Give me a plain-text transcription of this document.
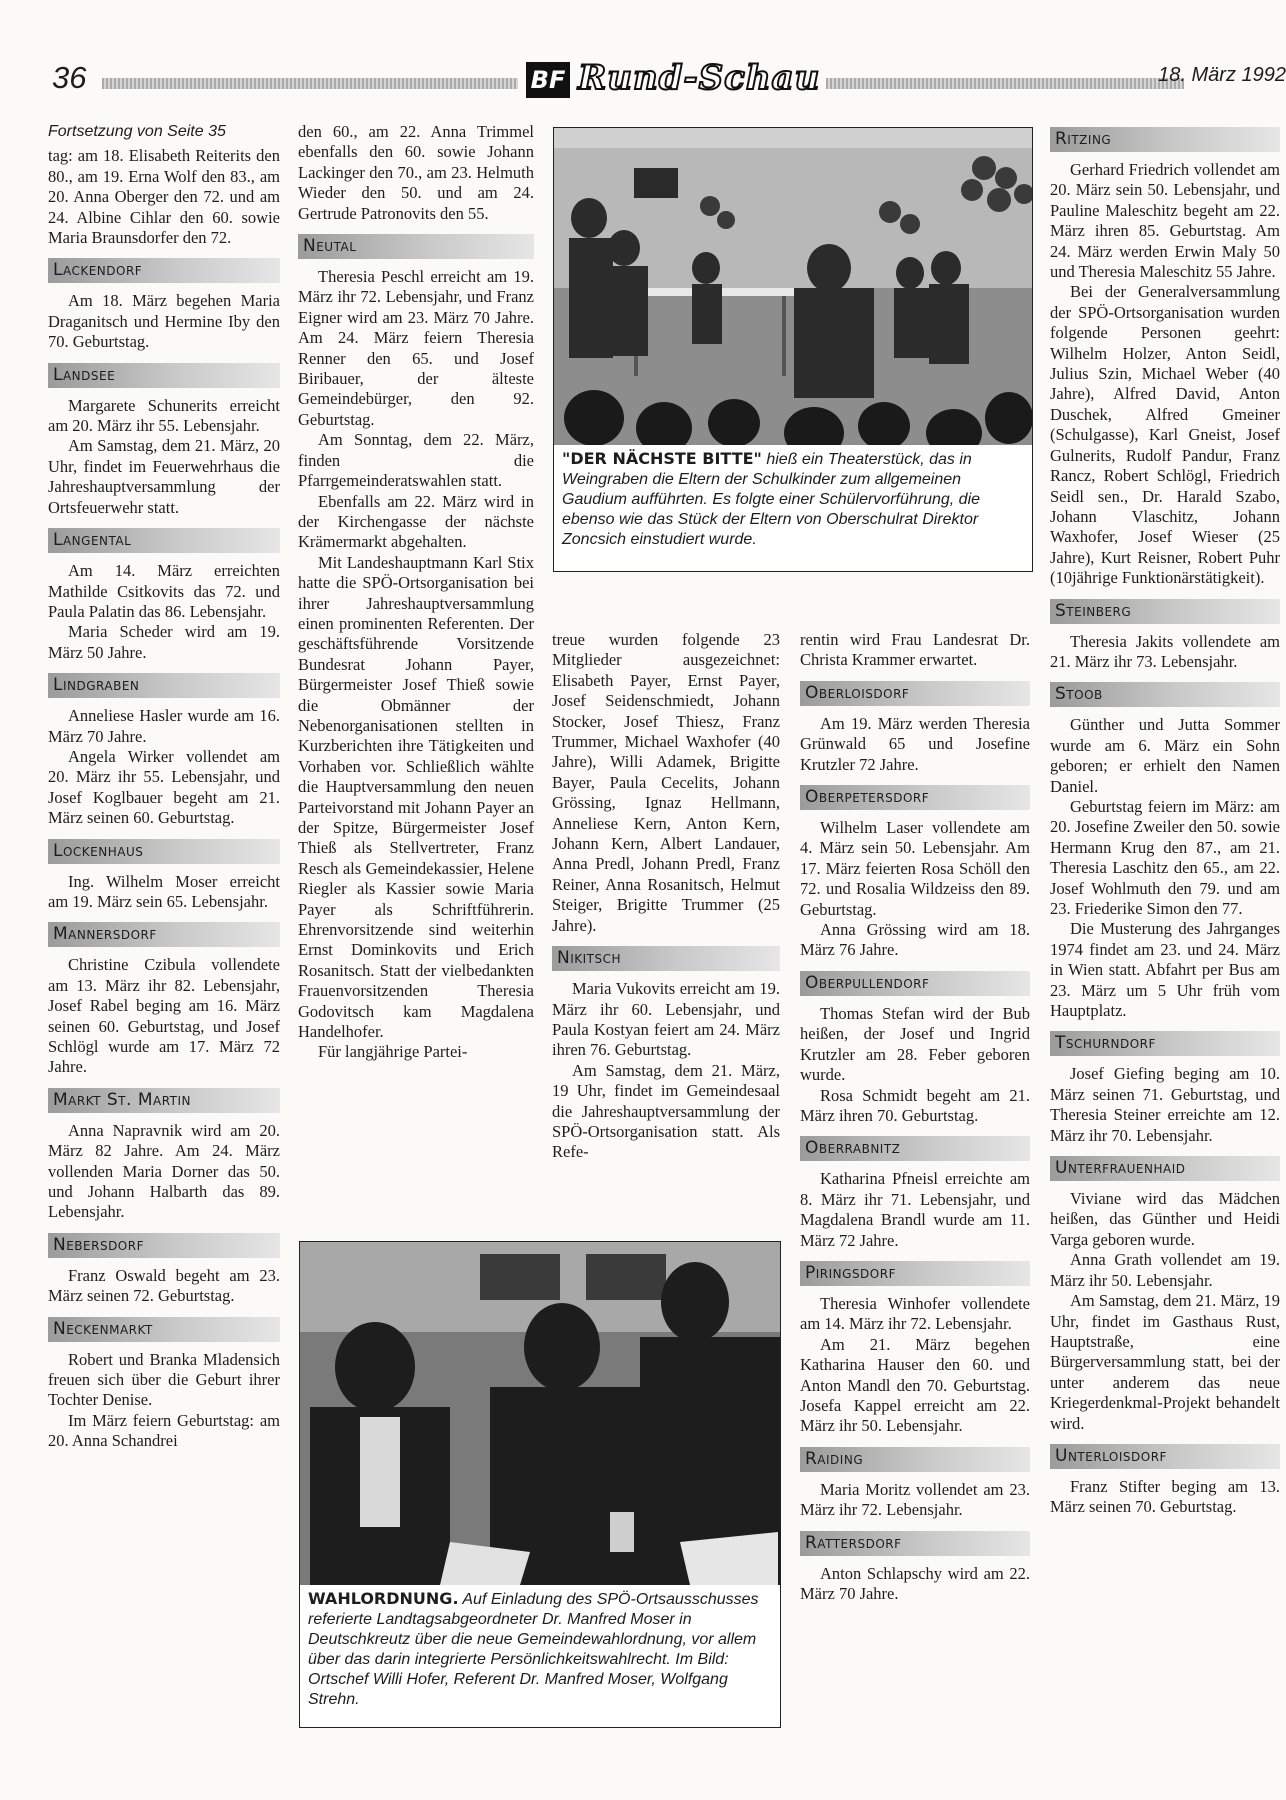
36	BF Rund-Schau	18. März 1992
Fortsetzung von Seite 35

tag: am 18. Elisabeth Reiterits den 80., am 19. Erna Wolf den 83., am 20. Anna Oberger den 72. und am 24. Albine Cihlar den 60. sowie Maria Braunsdorfer den 72.

Lackendorf

Am 18. März begehen Maria Draganitsch und Hermine Iby den 70. Geburtstag.

Landsee

Margarete Schunerits erreicht am 20. März ihr 55. Lebensjahr.

Am Samstag, dem 21. März, 20 Uhr, findet im Feuerwehrhaus die Jahreshauptversammlung der Ortsfeuerwehr statt.

Langental

Am 14. März erreichten Mathilde Csitkovits das 72. und Paula Palatin das 86. Lebensjahr.

Maria Scheder wird am 19. März 50 Jahre.

Lindgraben

Anneliese Hasler wurde am 16. März 70 Jahre.

Angela Wirker vollendet am 20. März ihr 55. Lebensjahr, und Josef Koglbauer begeht am 21. März seinen 60. Geburtstag.

Lockenhaus

Ing. Wilhelm Moser erreicht am 19. März sein 65. Lebensjahr.

Mannersdorf

Christine Czibula vollendete am 13. März ihr 82. Lebensjahr, Josef Rabel beging am 16. März seinen 60. Geburtstag, und Josef Schlögl wurde am 17. März 72 Jahre.

Markt St. Martin

Anna Napravnik wird am 20. März 82 Jahre. Am 24. März vollenden Maria Dorner das 50. und Johann Halbarth das 89. Lebensjahr.

Nebersdorf

Franz Oswald begeht am 23. März seinen 72. Geburtstag.

Neckenmarkt

Robert und Branka Mladensich freuen sich über die Geburt ihrer Tochter Denise.

Im März feiern Geburtstag: am 20. Anna Schandrei

den 60., am 22. Anna Trimmel ebenfalls den 60. sowie Johann Lackinger den 70., am 23. Helmuth Wieder den 50. und am 24. Gertrude Patronovits den 55.

Neutal

Theresia Peschl erreicht am 19. März ihr 72. Lebensjahr, und Franz Eigner wird am 23. März 70 Jahre. Am 24. März feiern Theresia Renner den 65. und Josef Biribauer, der älteste Gemeindebürger, den 92. Geburtstag.

Am Sonntag, dem 22. März, finden die Pfarrgemeinderatswahlen statt.

Ebenfalls am 22. März wird in der Kirchengasse der nächste Krämermarkt abgehalten.

Mit Landeshauptmann Karl Stix hatte die SPÖ-Ortsorganisation bei ihrer Jahreshauptversammlung einen prominenten Referenten. Der geschäftsführende Vorsitzende Bundesrat Johann Payer, Bürgermeister Josef Thieß sowie die Obmänner der Nebenorganisationen stellten in Kurzberichten ihre Tätigkeiten und Vorhaben vor. Schließlich wählte die Hauptversammlung den neuen Parteivorstand mit Johann Payer an der Spitze, Bürgermeister Josef Thieß als Stellvertreter, Franz Resch als Gemeindekassier, Helene Riegler als Kassier sowie Maria Payer als Schriftführerin. Ehrenvorsitzende sind weiterhin Ernst Dominkovits und Erich Rosanitsch. Statt der vielbedankten Frauenvorsitzenden Theresia Godovitsch kam Magdalena Handelhofer.

Für langjährige Partei-

"DER NÄCHSTE BITTE" hieß ein Theaterstück, das in Weingraben die Eltern der Schulkinder zum allgemeinen Gaudium aufführten. Es folgte einer Schülervorführung, die ebenso wie das Stück der Eltern von Oberschulrat Direktor Zoncsich einstudiert wurde.

treue wurden folgende 23 Mitglieder ausgezeichnet: Elisabeth Payer, Ernst Payer, Josef Seidenschmiedt, Johann Stocker, Josef Thiesz, Franz Trummer, Michael Waxhofer (40 Jahre), Willi Adamek, Brigitte Bayer, Paula Cecelits, Johann Grössing, Ignaz Hellmann, Anneliese Kern, Anton Kern, Johann Kern, Albert Landauer, Anna Predl, Johann Predl, Franz Reiner, Anna Rosanitsch, Helmut Steiger, Brigitte Trummer (25 Jahre).

Nikitsch

Maria Vukovits erreicht am 19. März ihr 60. Lebensjahr, und Paula Kostyan feiert am 24. März ihren 76. Geburtstag.

Am Samstag, dem 21. März, 19 Uhr, findet im Gemeindesaal die Jahreshauptversammlung der SPÖ-Ortsorganisation statt. Als Refe-

WAHLORDNUNG. Auf Einladung des SPÖ-Ortsausschusses referierte Landtagsabgeordneter Dr. Manfred Moser in Deutschkreutz über die neue Gemeindewahlordnung, vor allem über das darin integrierte Persönlichkeitswahlrecht. Im Bild: Ortschef Willi Hofer, Referent Dr. Manfred Moser, Wolfgang Strehn.

rentin wird Frau Landesrat Dr. Christa Krammer erwartet.

Oberloisdorf

Am 19. März werden Theresia Grünwald 65 und Josefine Krutzler 72 Jahre.

Oberpetersdorf

Wilhelm Laser vollendete am 4. März sein 50. Lebensjahr. Am 17. März feierten Rosa Schöll den 72. und Rosalia Wildzeiss den 89. Geburtstag.

Anna Grössing wird am 18. März 76 Jahre.

Oberpullendorf

Thomas Stefan wird der Bub heißen, der Josef und Ingrid Krutzler am 28. Feber geboren wurde.

Rosa Schmidt begeht am 21. März ihren 70. Geburtstag.

Oberrabnitz

Katharina Pfneisl erreichte am 8. März ihr 71. Lebensjahr, und Magdalena Brandl wurde am 11. März 72 Jahre.

Piringsdorf

Theresia Winhofer vollendete am 14. März ihr 72. Lebensjahr.

Am 21. März begehen Katharina Hauser den 60. und Anton Mandl den 70. Geburtstag. Josefa Kappel erreicht am 22. März ihr 50. Lebensjahr.

Raiding

Maria Moritz vollendet am 23. März ihr 72. Lebensjahr.

Rattersdorf

Anton Schlapschy wird am 22. März 70 Jahre.

Ritzing

Gerhard Friedrich vollendet am 20. März sein 50. Lebensjahr, und Pauline Maleschitz begeht am 22. März ihren 85. Geburtstag. Am 24. März werden Erwin Maly 50 und Theresia Maleschitz 55 Jahre.

Bei der Generalversammlung der SPÖ-Ortsorganisation wurden folgende Personen geehrt: Wilhelm Holzer, Anton Seidl, Julius Szin, Michael Weber (40 Jahre), Alfred David, Anton Duschek, Alfred Gmeiner (Schulgasse), Karl Gneist, Josef Gulnerits, Rudolf Pandur, Franz Rancz, Robert Schlögl, Friedrich Seidl sen., Dr. Harald Szabo, Johann Vlaschitz, Johann Waxhofer, Josef Wieser (25 Jahre), Kurt Reisner, Robert Puhr (10jährige Funktionärstätigkeit).

Steinberg

Theresia Jakits vollendete am 21. März ihr 73. Lebensjahr.

Stoob

Günther und Jutta Sommer wurde am 6. März ein Sohn geboren; er erhielt den Namen Daniel.

Geburtstag feiern im März: am 20. Josefine Zweiler den 50. sowie Hermann Krug den 87., am 21. Theresia Laschitz den 65., am 22. Josef Wohlmuth den 79. und am 23. Friederike Simon den 77.

Die Musterung des Jahrganges 1974 findet am 23. und 24. März in Wien statt. Abfahrt per Bus am 23. März um 5 Uhr früh vom Hauptplatz.

Tschurndorf

Josef Giefing beging am 10. März seinen 71. Geburtstag, und Theresia Steiner erreichte am 12. März ihr 70. Lebensjahr.

Unterfrauenhaid

Viviane wird das Mädchen heißen, das Günther und Heidi Varga geboren wurde.

Anna Grath vollendet am 19. März ihr 50. Lebensjahr.

Am Samstag, dem 21. März, 19 Uhr, findet im Gasthaus Rust, Hauptstraße, eine Bürgerversammlung statt, bei der unter anderem das neue Kriegerdenkmal-Projekt behandelt wird.

Unterloisdorf

Franz Stifter beging am 13. März seinen 70. Geburtstag.
